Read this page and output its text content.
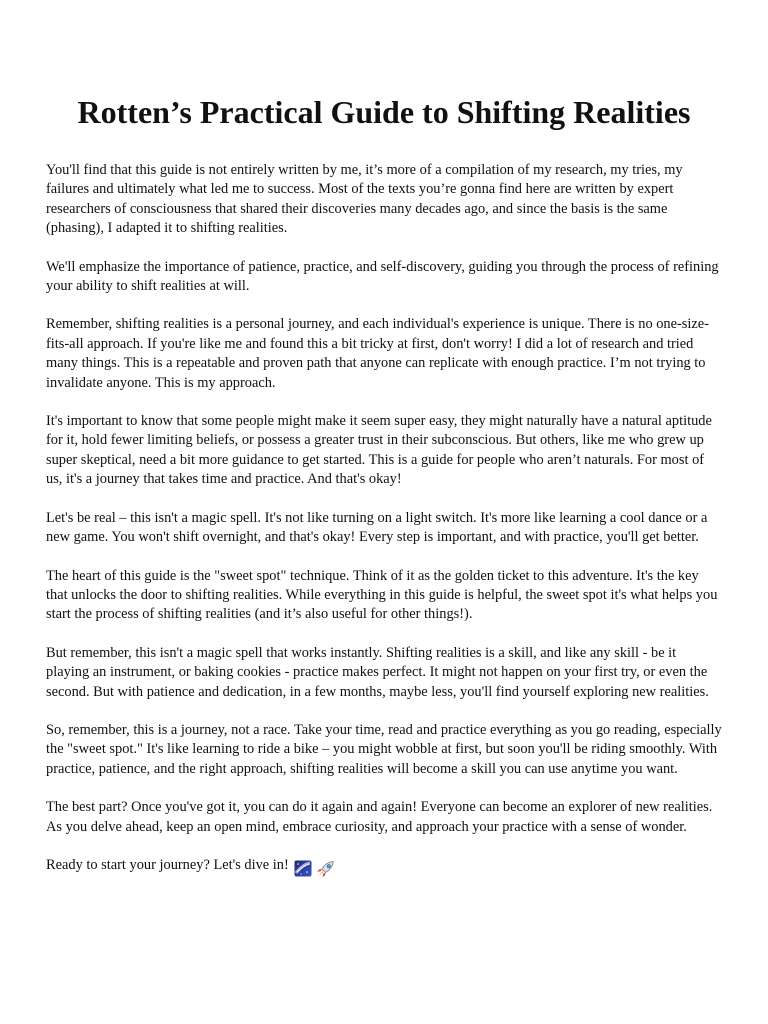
Rotten’s Practical Guide to Shifting Realities

You'll find that this guide is not entirely written by me, it’s more of a compilation of my research, my tries, my failures and ultimately what led me to success. Most of the texts you’re gonna find here are written by expert researchers of consciousness that shared their discoveries many decades ago, and since the basis is the same (phasing), I adapted it to shifting realities.

We'll emphasize the importance of patience, practice, and self-discovery, guiding you through the process of refining your ability to shift realities at will.

Remember, shifting realities is a personal journey, and each individual's experience is unique. There is no one-size-fits-all approach. If you're like me and found this a bit tricky at first, don't worry! I did a lot of research and tried many things. This is a repeatable and proven path that anyone can replicate with enough practice. I’m not trying to invalidate anyone. This is my approach.

It's important to know that some people might make it seem super easy, they might naturally have a natural aptitude for it, hold fewer limiting beliefs, or possess a greater trust in their subconscious. But others, like me who grew up super skeptical, need a bit more guidance to get started. This is a guide for people who aren’t naturals. For most of us, it's a journey that takes time and practice. And that's okay!

Let's be real – this isn't a magic spell. It's not like turning on a light switch. It's more like learning a cool dance or a new game. You won't shift overnight, and that's okay! Every step is important, and with practice, you'll get better.

The heart of this guide is the "sweet spot" technique. Think of it as the golden ticket to this adventure. It's the key that unlocks the door to shifting realities. While everything in this guide is helpful, the sweet spot it's what helps you start the process of shifting realities (and it’s also useful for other things!).

But remember, this isn't a magic spell that works instantly. Shifting realities is a skill, and like any skill - be it playing an instrument, or baking cookies - practice makes perfect. It might not happen on your first try, or even the second. But with patience and dedication, in a few months, maybe less, you'll find yourself exploring new realities.

So, remember, this is a journey, not a race. Take your time, read and practice everything as you go reading, especially the "sweet spot." It's like learning to ride a bike – you might wobble at first, but soon you'll be riding smoothly. With practice, patience, and the right approach, shifting realities will become a skill you can use anytime you want.

The best part? Once you've got it, you can do it again and again! Everyone can become an explorer of new realities. As you delve ahead, keep an open mind, embrace curiosity, and approach your practice with a sense of wonder.

Ready to start your journey? Let's dive in!
